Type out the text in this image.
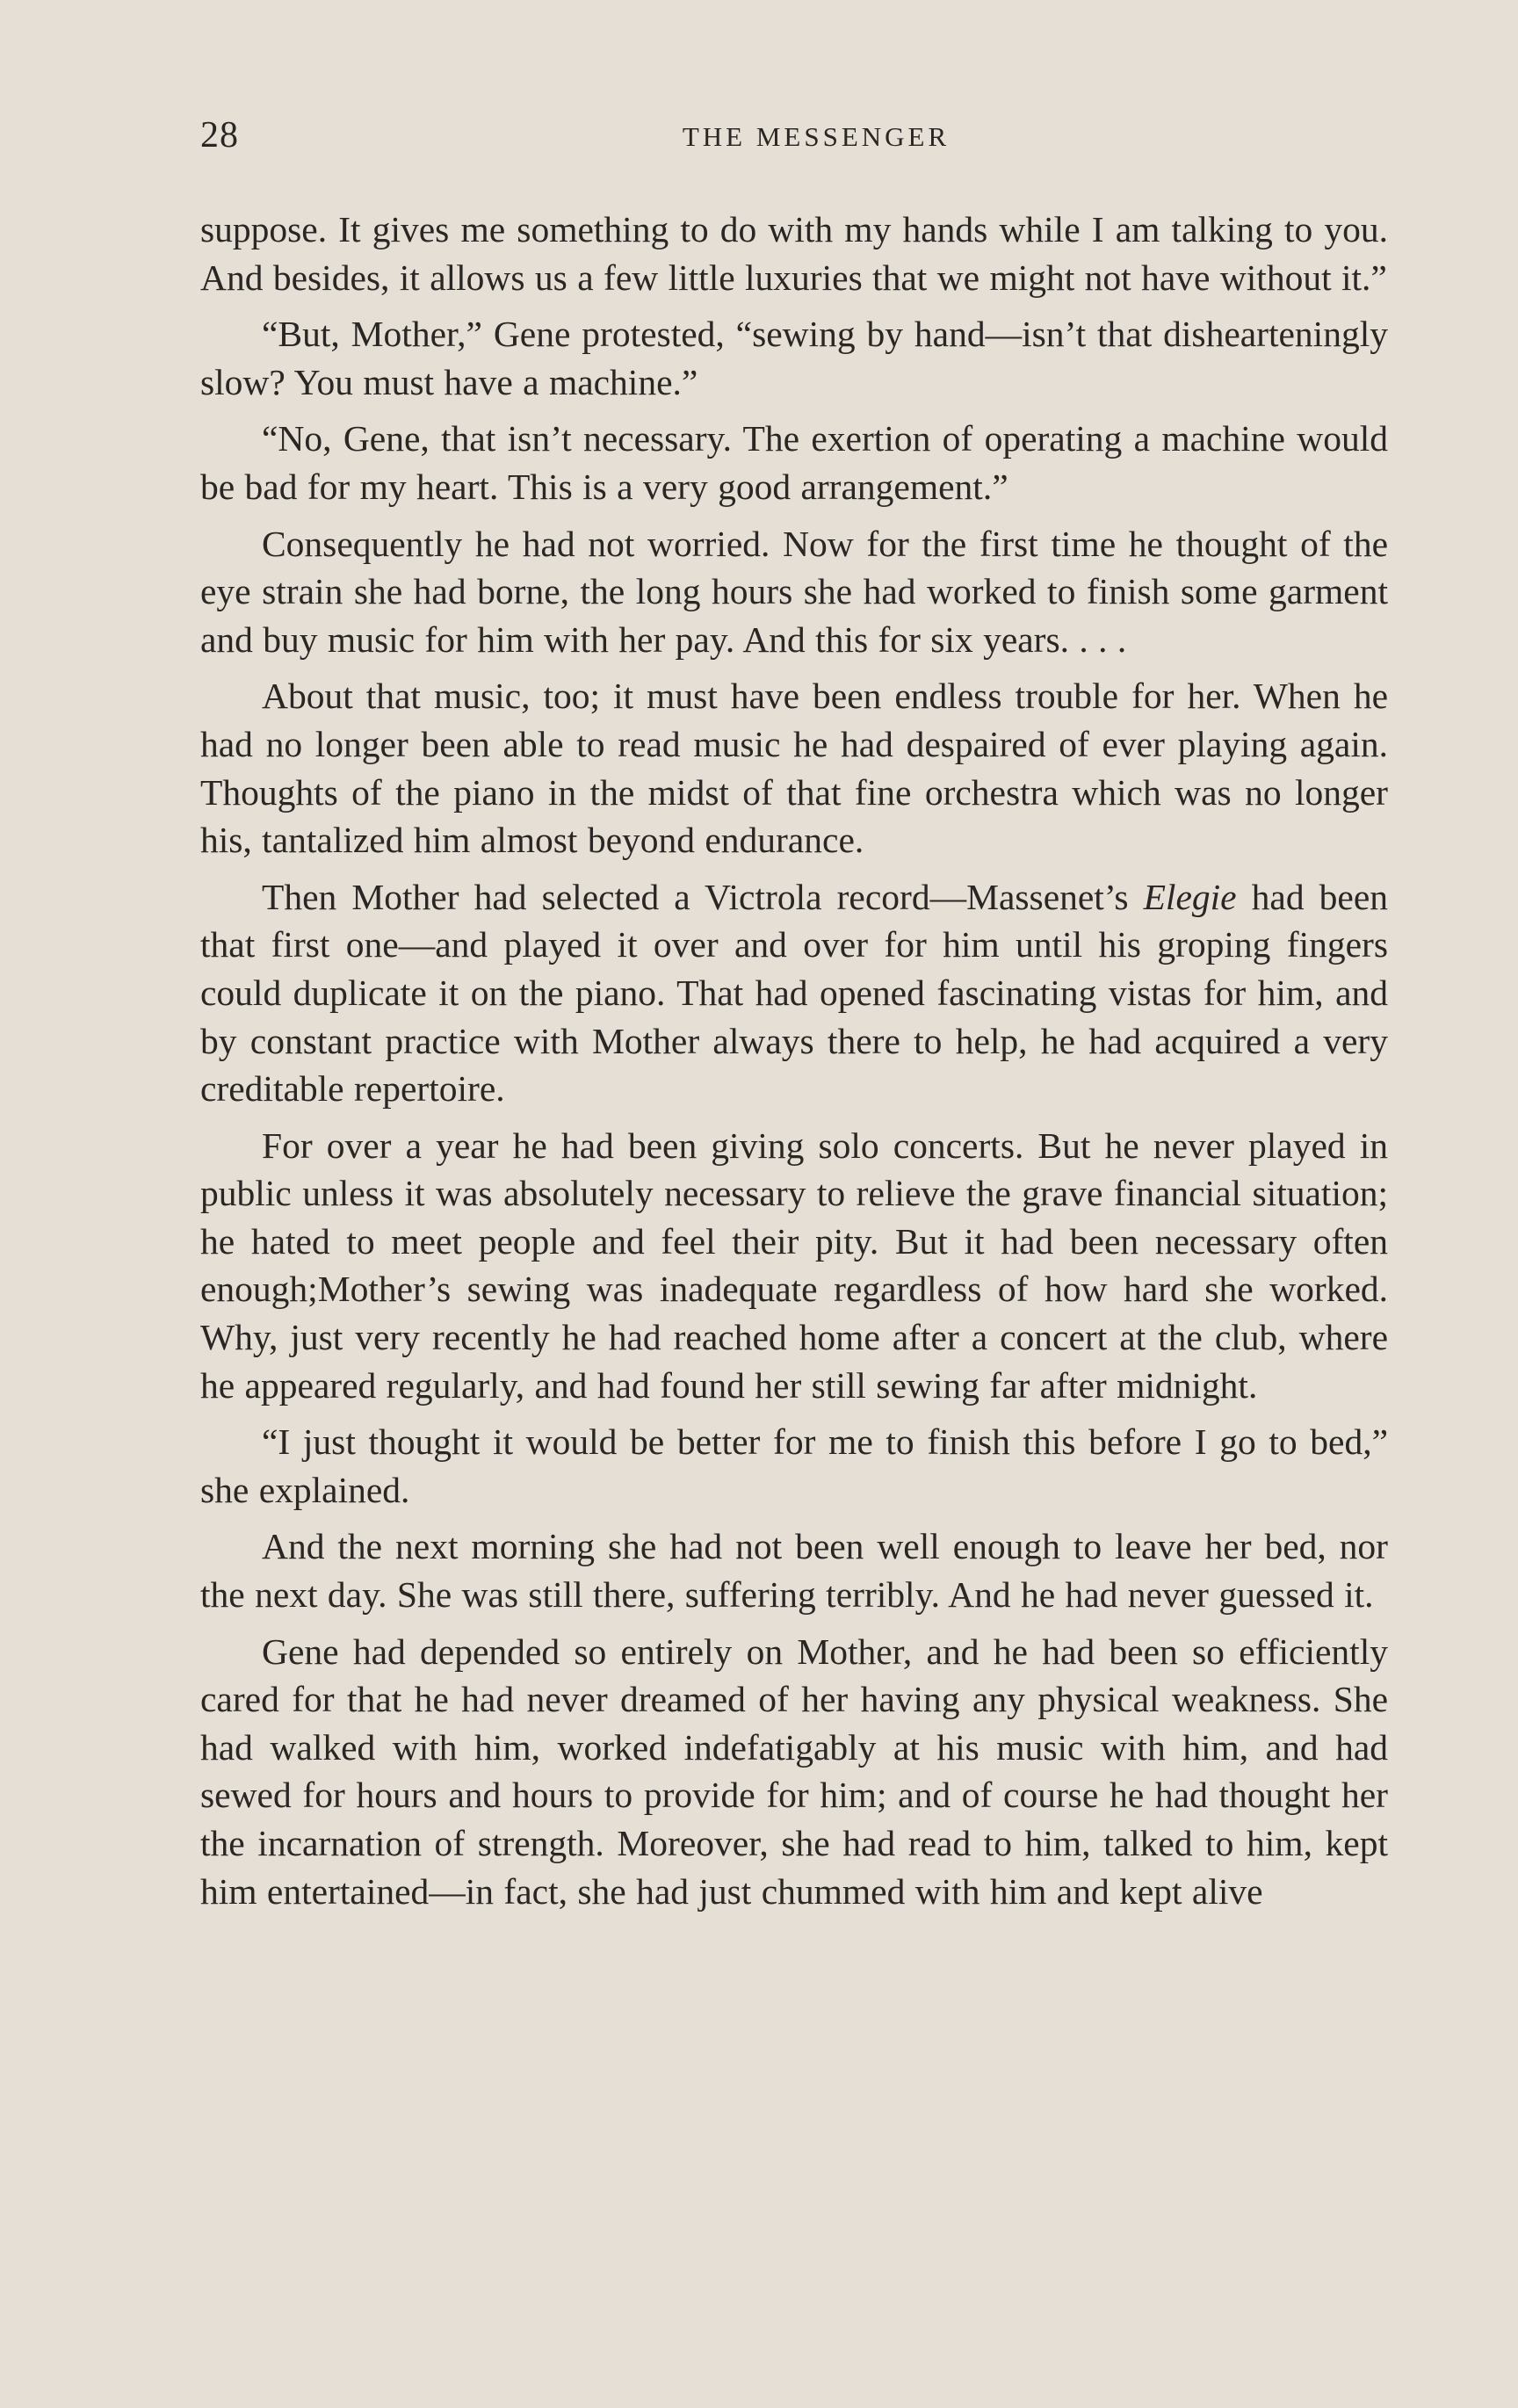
28	THE MESSENGER

suppose. It gives me something to do with my hands while I am talking to you. And besides, it allows us a few little luxuries that we might not have without it.”

“But, Mother,” Gene protested, “sewing by hand—isn’t that dishearteningly slow? You must have a machine.”

“No, Gene, that isn’t necessary. The exertion of operating a machine would be bad for my heart. This is a very good arrangement.”

Consequently he had not worried. Now for the first time he thought of the eye strain she had borne, the long hours she had worked to finish some garment and buy music for him with her pay. And this for six years. . . .

About that music, too; it must have been endless trouble for her. When he had no longer been able to read music he had despaired of ever playing again. Thoughts of the piano in the midst of that fine orchestra which was no longer his, tantalized him almost beyond endurance.

Then Mother had selected a Victrola record—Massenet’s Elegie had been that first one—and played it over and over for him until his groping fingers could duplicate it on the piano. That had opened fascinating vistas for him, and by constant practice with Mother always there to help, he had acquired a very creditable repertoire.

For over a year he had been giving solo concerts. But he never played in public unless it was absolutely necessary to relieve the grave financial situation; he hated to meet people and feel their pity. But it had been necessary often enough;Mother’s sewing was inadequate regardless of how hard she worked. Why, just very recently he had reached home after a concert at the club, where he appeared regularly, and had found her still sewing far after midnight.

“I just thought it would be better for me to finish this before I go to bed,” she explained.

And the next morning she had not been well enough to leave her bed, nor the next day. She was still there, suffering terribly. And he had never guessed it.

Gene had depended so entirely on Mother, and he had been so efficiently cared for that he had never dreamed of her having any physical weakness. She had walked with him, worked indefatigably at his music with him, and had sewed for hours and hours to provide for him; and of course he had thought her the incarnation of strength. Moreover, she had read to him, talked to him, kept him entertained—in fact, she had just chummed with him and kept alive
